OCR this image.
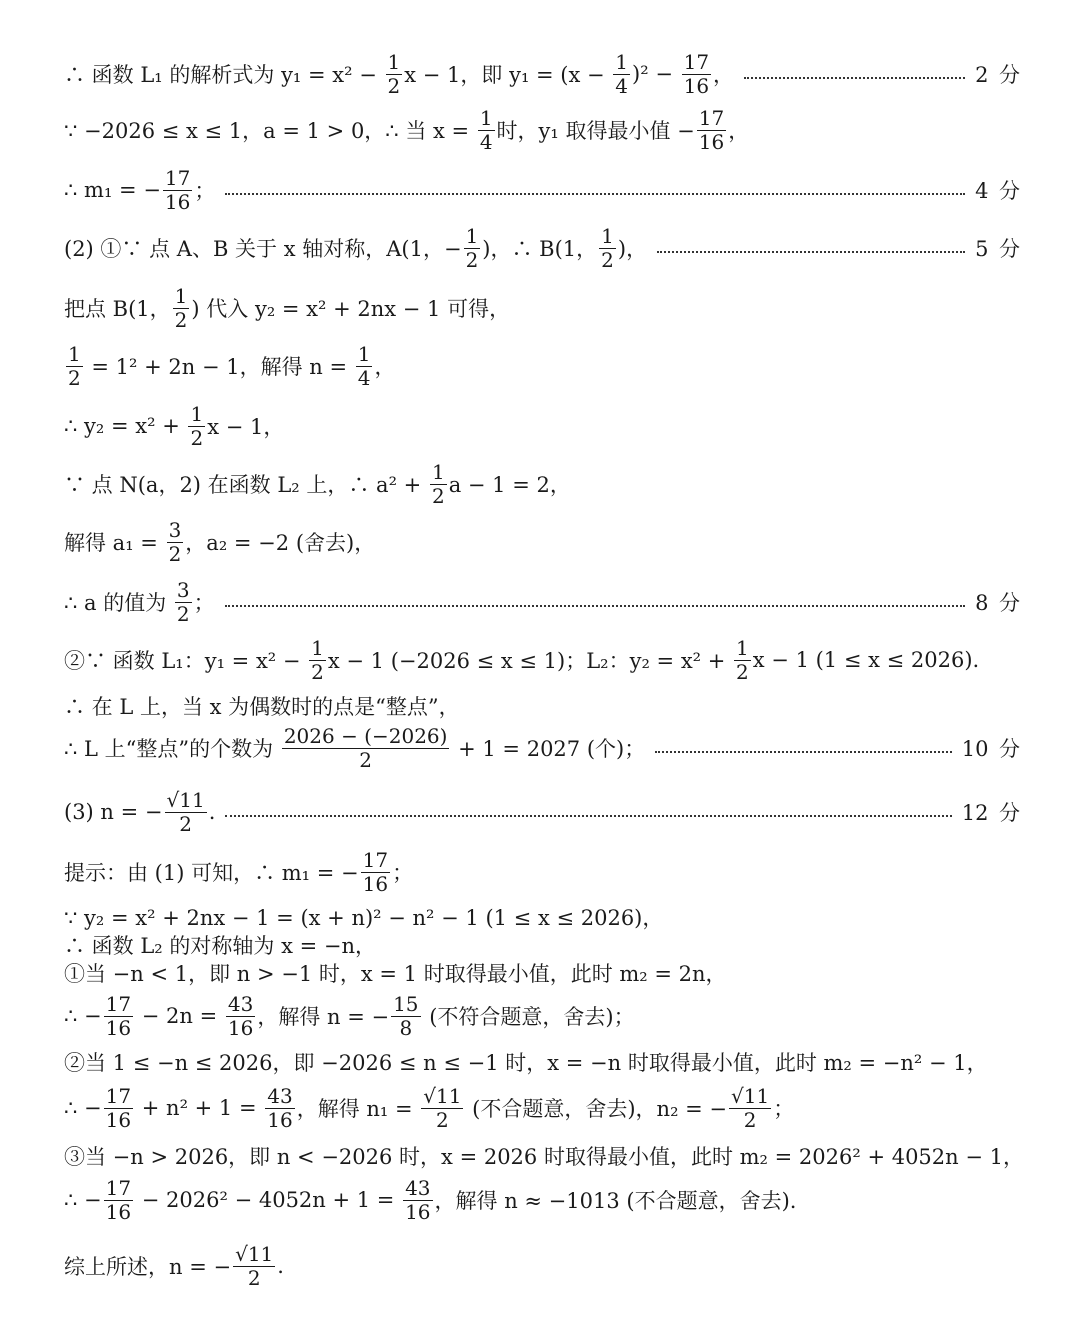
∴ 函数 L₁ 的解析式为 $y_1 = x^2 - \frac{1}{2}$ x − 1，即 $y_1 = (x - \frac{1}{4} )^2 - \frac{17}{16}$ ，	2 分
∵ −2026 ≤ x ≤ 1，a = 1 > 0，∴ 当 $x = \frac{1}{4}$ 时，y₁ 取得最小值 − $\frac{17}{16}$ ，
∴ m₁ = − $\frac{17}{16}$ ；	4 分
(2) ①∵ 点 A、B 关于 x 轴对称，A(1，− $\frac{1}{2}$ )，∴ B(1， $\frac{1}{2}$ )，	5 分
把点 B(1， $\frac{1}{2}$ ) 代入 y₂ = x² + 2nx − 1 可得，
$\frac{1}{2} = 1^2 + 2n - 1$，解得 $n = \frac{1}{4}$ ，
∴ $y_2 = x^2 + \frac{1}{2}$ x − 1，
∵ 点 N(a，2) 在函数 L₂ 上，∴ $a^2 + \frac{1}{2}$ a − 1 = 2，
解得 $a_1 = \frac{3}{2}$ ，a₂ = −2 (舍去)，
∴ a 的值为 $\frac{3}{2}$ ；	8 分
②∵ 函数 L₁：$y_1 = x^2 - \frac{1}{2}$ x − 1 (−2026 ≤ x ≤ 1)；L₂：$y_2 = x^2 + \frac{1}{2}$ x − 1 (1 ≤ x ≤ 2026).
∴ 在 L 上，当 x 为偶数时的点是“整点”，
∴ L 上“整点”的个数为 $\frac{2026 - (-2026)}{2} + 1 = 2027$ (个)；	10 分
(3) n = − $\frac{√11}{2}$ .	12 分
提示：由 (1) 可知，∴ m₁ = − $\frac{17}{16}$ ；
∵ y₂ = x² + 2nx − 1 = (x + n)² − n² − 1 (1 ≤ x ≤ 2026)，
∴ 函数 L₂ 的对称轴为 x = −n，
①当 −n < 1，即 n > −1 时，x = 1 时取得最小值，此时 m₂ = 2n，
∴ − $\frac{17}{16} - 2n = \frac{43}{16}$ ，解得 n = − $\frac{15}{8}$ (不符合题意，舍去)；
②当 1 ≤ −n ≤ 2026，即 −2026 ≤ n ≤ −1 时，x = −n 时取得最小值，此时 m₂ = −n² − 1，
∴ − $\frac{17}{16} + n^2 + 1 = \frac{43}{16}$ ，解得 $n_1 = \frac{√11}{2}$ (不合题意，舍去)，n₂ = − $\frac{√11}{2}$ ；
③当 −n > 2026，即 n < −2026 时，x = 2026 时取得最小值，此时 m₂ = 2026² + 4052n − 1，
∴ − $\frac{17}{16} - 2026^2 - 4052n + 1 = \frac{43}{16}$ ，解得 n ≈ −1013 (不合题意，舍去).
综上所述，n = − $\frac{√11}{2}$ .
